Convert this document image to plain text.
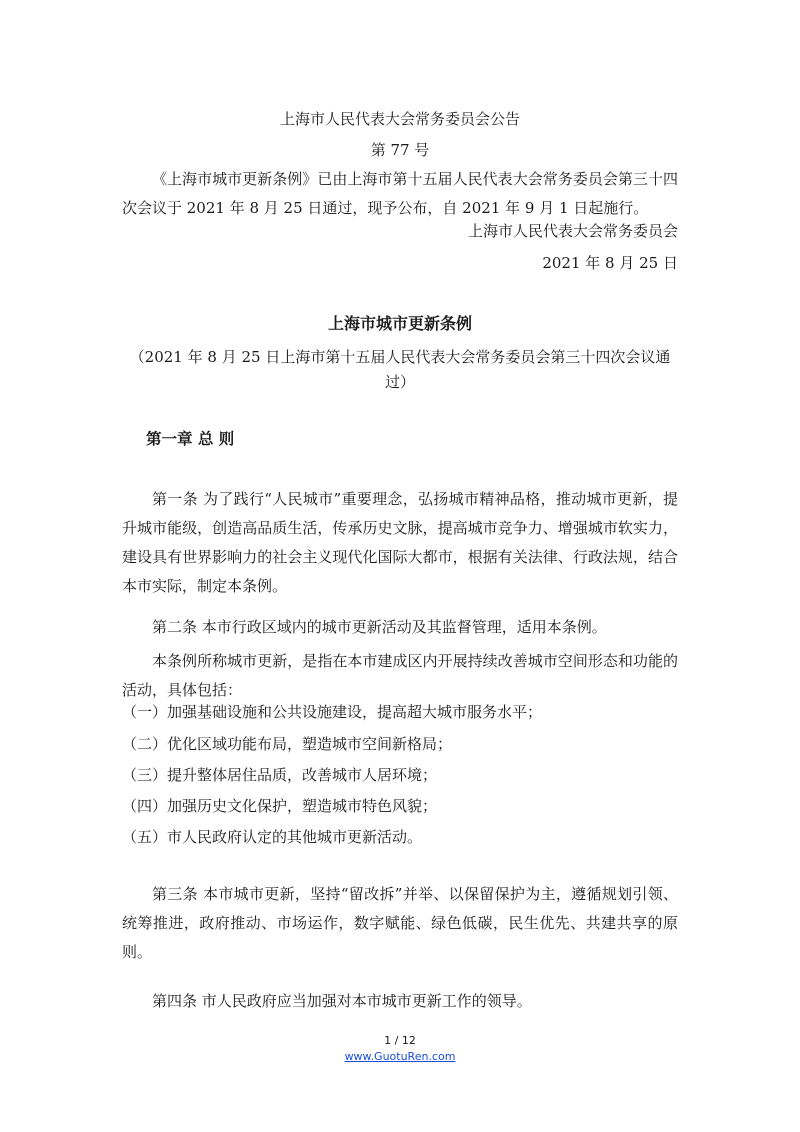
上海市人民代表大会常务委员会公告
第 77 号
《上海市城市更新条例》已由上海市第十五届人民代表大会常务委员会第三十四次会议于 2021 年 8 月 25 日通过，现予公布，自 2021 年 9 月 1 日起施行。
上海市人民代表大会常务委员会
2021 年 8 月 25 日
上海市城市更新条例
（2021 年 8 月 25 日上海市第十五届人民代表大会常务委员会第三十四次会议通过）
第一章 总 则
第一条 为了践行“人民城市”重要理念，弘扬城市精神品格，推动城市更新，提升城市能级，创造高品质生活，传承历史文脉，提高城市竞争力、增强城市软实力，建设具有世界影响力的社会主义现代化国际大都市，根据有关法律、行政法规，结合本市实际，制定本条例。
第二条 本市行政区域内的城市更新活动及其监督管理，适用本条例。
本条例所称城市更新，是指在本市建成区内开展持续改善城市空间形态和功能的活动，具体包括：
（一）加强基础设施和公共设施建设，提高超大城市服务水平；
（二）优化区域功能布局，塑造城市空间新格局；
（三）提升整体居住品质，改善城市人居环境；
（四）加强历史文化保护，塑造城市特色风貌；
（五）市人民政府认定的其他城市更新活动。
第三条 本市城市更新，坚持“留改拆”并举、以保留保护为主，遵循规划引领、统筹推进，政府推动、市场运作，数字赋能、绿色低碳，民生优先、共建共享的原则。
第四条 市人民政府应当加强对本市城市更新工作的领导。
1 / 12
www.GuotuRen.com
